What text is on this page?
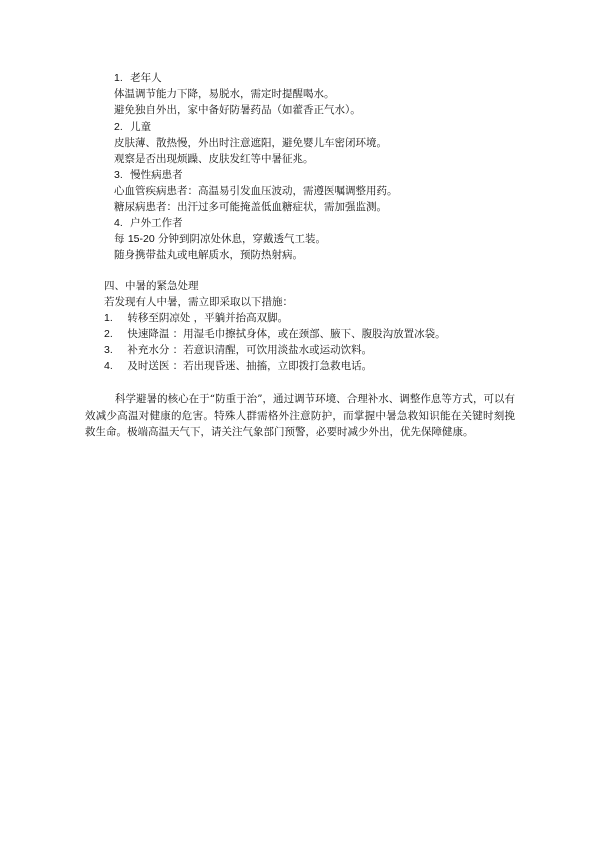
1. 老年人
体温调节能力下降，易脱水，需定时提醒喝水。
避免独自外出，家中备好防暑药品（如藿香正气水）。
2. 儿童
皮肤薄、散热慢，外出时注意遮阳，避免婴儿车密闭环境。
观察是否出现烦躁、皮肤发红等中暑征兆。
3. 慢性病患者
心血管疾病患者：高温易引发血压波动，需遵医嘱调整用药。
糖尿病患者：出汗过多可能掩盖低血糖症状，需加强监测。
4. 户外工作者
每 15-20 分钟到阴凉处休息，穿戴透气工装。
随身携带盐丸或电解质水，预防热射病。
四、中暑的紧急处理
若发现有人中暑，需立即采取以下措施：
1. 转移至阴凉处 ，平躺并抬高双脚。
2. 快速降温 ：用湿毛巾擦拭身体，或在颈部、腋下、腹股沟放置冰袋。
3. 补充水分 ：若意识清醒，可饮用淡盐水或运动饮料。
4. 及时送医 ：若出现昏迷、抽搐，立即拨打急救电话。
科学避暑的核心在于“防重于治”，通过调节环境、合理补水、调整作息等方式，可以有效减少高温对健康的危害。特殊人群需格外注意防护，而掌握中暑急救知识能在关键时刻挽救生命。极端高温天气下，请关注气象部门预警，必要时减少外出，优先保障健康。
